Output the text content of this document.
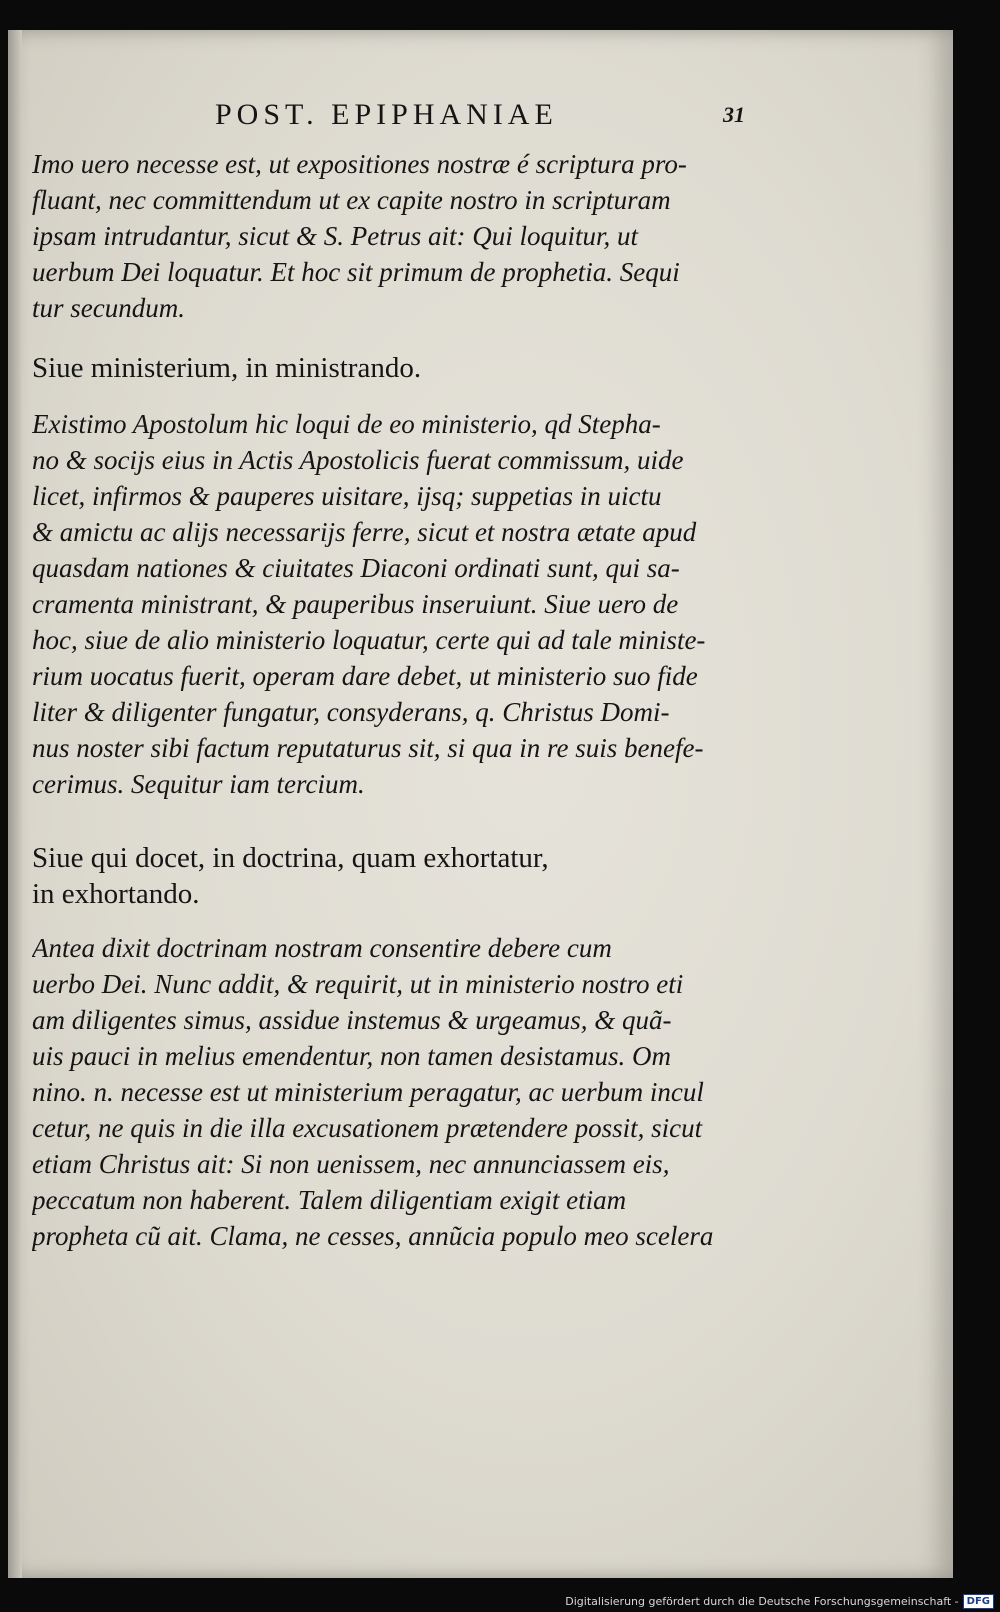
POST. EPIPHANIAE	31
Imo uero necesse est, ut expositiones nostræ é scriptura pro-
fluant, nec committendum ut ex capite nostro in scripturam
ipsam intrudantur, sicut & S. Petrus ait: Qui loquitur, ut
uerbum Dei loquatur. Et hoc sit primum de prophetia. Sequi
tur secundum.
Siue ministerium, in ministrando.
Existimo Apostolum hic loqui de eo ministerio, qd Stepha-
no & socijs eius in Actis Apostolicis fuerat commissum, uide
licet, infirmos & pauperes uisitare, ijsq; suppetias in uictu
& amictu ac alijs necessarijs ferre, sicut et nostra ætate apud
quasdam nationes & ciuitates Diaconi ordinati sunt, qui sa-
cramenta ministrant, & pauperibus inseruiunt. Siue uero de
hoc, siue de alio ministerio loquatur, certe qui ad tale ministe-
rium uocatus fuerit, operam dare debet, ut ministerio suo fide
liter & diligenter fungatur, consyderans, q. Christus Domi-
nus noster sibi factum reputaturus sit, si qua in re suis benefe-
cerimus. Sequitur iam tercium.
Siue qui docet, in doctrina, quam exhortatur,
in exhortando.
Antea dixit doctrinam nostram consentire debere cum
uerbo Dei. Nunc addit, & requirit, ut in ministerio nostro eti
am diligentes simus, assidue instemus & urgeamus, & quã-
uis pauci in melius emendentur, non tamen desistamus. Om
nino. n. necesse est ut ministerium peragatur, ac uerbum incul
cetur, ne quis in die illa excusationem prætendere possit, sicut
etiam Christus ait: Si non uenissem, nec annunciassem eis,
peccatum non haberent. Talem diligentiam exigit etiam
propheta cũ ait. Clama, ne cesses, annũcia populo meo scelera
Digitalisierung gefördert durch die Deutsche Forschungsgemeinschaft - DFG
